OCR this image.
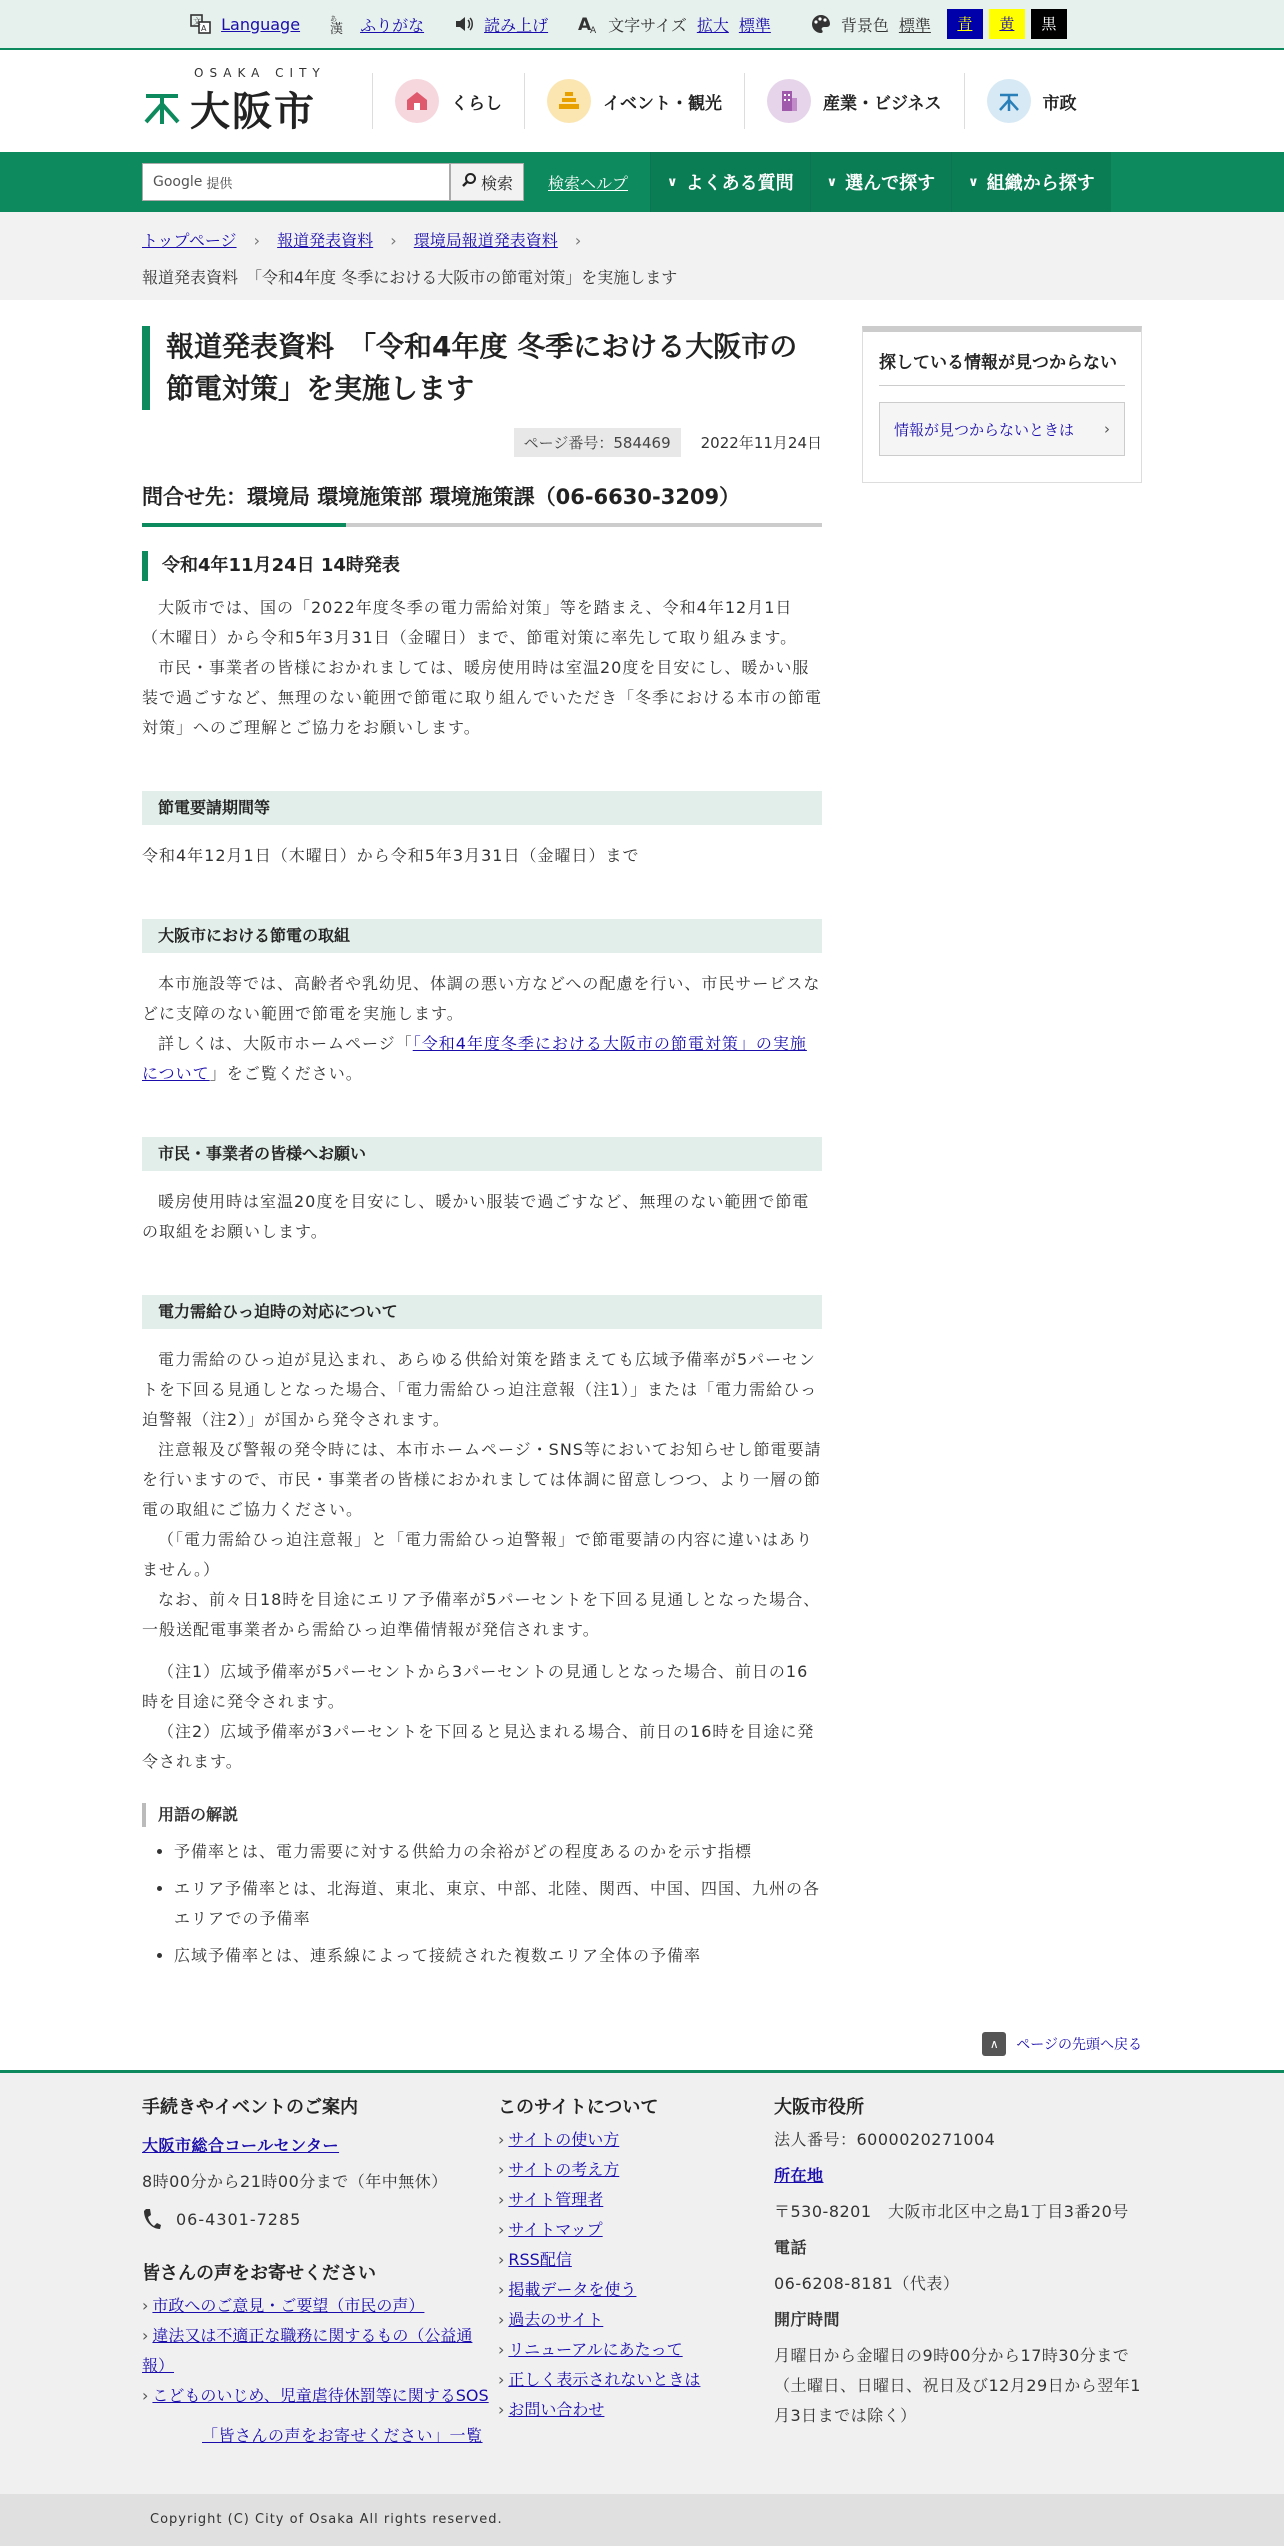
文
A Language	あ
漢 ふりがな	読み上げ A
A 文字サイズ 拡大 標準	背景色 標準	青	黄	黒
OSAKA CITY
大阪市	くらし	イベント・観光	産業・ビジネス	市政
Google 提供	検索 検索ヘルプ	∨ よくある質問	∨ 選んで探す	∨ 組織から探す
トップページ › 報道発表資料 › 環境局報道発表資料 ›
報道発表資料　「令和4年度 冬季における大阪市の節電対策」を実施します
報道発表資料　「令和4年度 冬季における大阪市の節電対策」を実施します
ページ番号：584469	2022年11月24日
問合せ先：環境局 環境施策部 環境施策課（06-6630-3209）
令和4年11月24日 14時発表

大阪市では、国の「2022年度冬季の電力需給対策」等を踏まえ、令和4年12月1日（木曜日）から令和5年3月31日（金曜日）まで、節電対策に率先して取り組みます。

市民・事業者の皆様におかれましては、暖房使用時は室温20度を目安にし、暖かい服装で過ごすなど、無理のない範囲で節電に取り組んでいただき「冬季における本市の節電対策」へのご理解とご協力をお願いします。

節電要請期間等

令和4年12月1日（木曜日）から令和5年3月31日（金曜日）まで

大阪市における節電の取組

本市施設等では、高齢者や乳幼児、体調の悪い方などへの配慮を行い、市民サービスなどに支障のない範囲で節電を実施します。

詳しくは、大阪市ホームページ「「令和4年度冬季における大阪市の節電対策」の実施について」をご覧ください。

市民・事業者の皆様へお願い

暖房使用時は室温20度を目安にし、暖かい服装で過ごすなど、無理のない範囲で節電の取組をお願いします。

電力需給ひっ迫時の対応について

電力需給のひっ迫が見込まれ、あらゆる供給対策を踏まえても広域予備率が5パーセントを下回る見通しとなった場合、「電力需給ひっ迫注意報（注1）」または「電力需給ひっ迫警報（注2）」が国から発令されます。

注意報及び警報の発令時には、本市ホームページ・SNS等においてお知らせし節電要請を行いますので、市民・事業者の皆様におかれましては体調に留意しつつ、より一層の節電の取組にご協力ください。

（「電力需給ひっ迫注意報」と「電力需給ひっ迫警報」で節電要請の内容に違いはありません。）

なお、前々日18時を目途にエリア予備率が5パーセントを下回る見通しとなった場合、一般送配電事業者から需給ひっ迫準備情報が発信されます。

（注1）広域予備率が5パーセントから3パーセントの見通しとなった場合、前日の16時を目途に発令されます。

（注2）広域予備率が3パーセントを下回ると見込まれる場合、前日の16時を目途に発令されます。

用語の解説
• 予備率とは、電力需要に対する供給力の余裕がどの程度あるのかを示す指標
• エリア予備率とは、北海道、東北、東京、中部、北陸、関西、中国、四国、九州の各エリアでの予備率
• 広域予備率とは、連系線によって接続された複数エリア全体の予備率
探している情報が見つからない
情報が見つからないときは ›
∧	ページの先頭へ戻る
手続きやイベントのご案内
大阪市総合コールセンター
8時00分から21時00分まで（年中無休）
06-4301-7285
皆さんの声をお寄せください
› 市政へのご意見・ご要望（市民の声）
› 違法又は不適正な職務に関するもの（公益通報）
› こどものいじめ、児童虐待休罰等に関するSOS
「皆さんの声をお寄せください」一覧
このサイトについて
› サイトの使い方
› サイトの考え方
› サイト管理者
› サイトマップ
› RSS配信
› 掲載データを使う
› 過去のサイト
› リニューアルにあたって
› 正しく表示されないときは
› お問い合わせ
大阪市役所
法人番号：6000020271004
所在地
〒530-8201　大阪市北区中之島1丁目3番20号
電話
06-6208-8181（代表）
開庁時間
月曜日から金曜日の9時00分から17時30分まで
（土曜日、日曜日、祝日及び12月29日から翌年1月3日までは除く）
Copyright (C) City of Osaka All rights reserved.
